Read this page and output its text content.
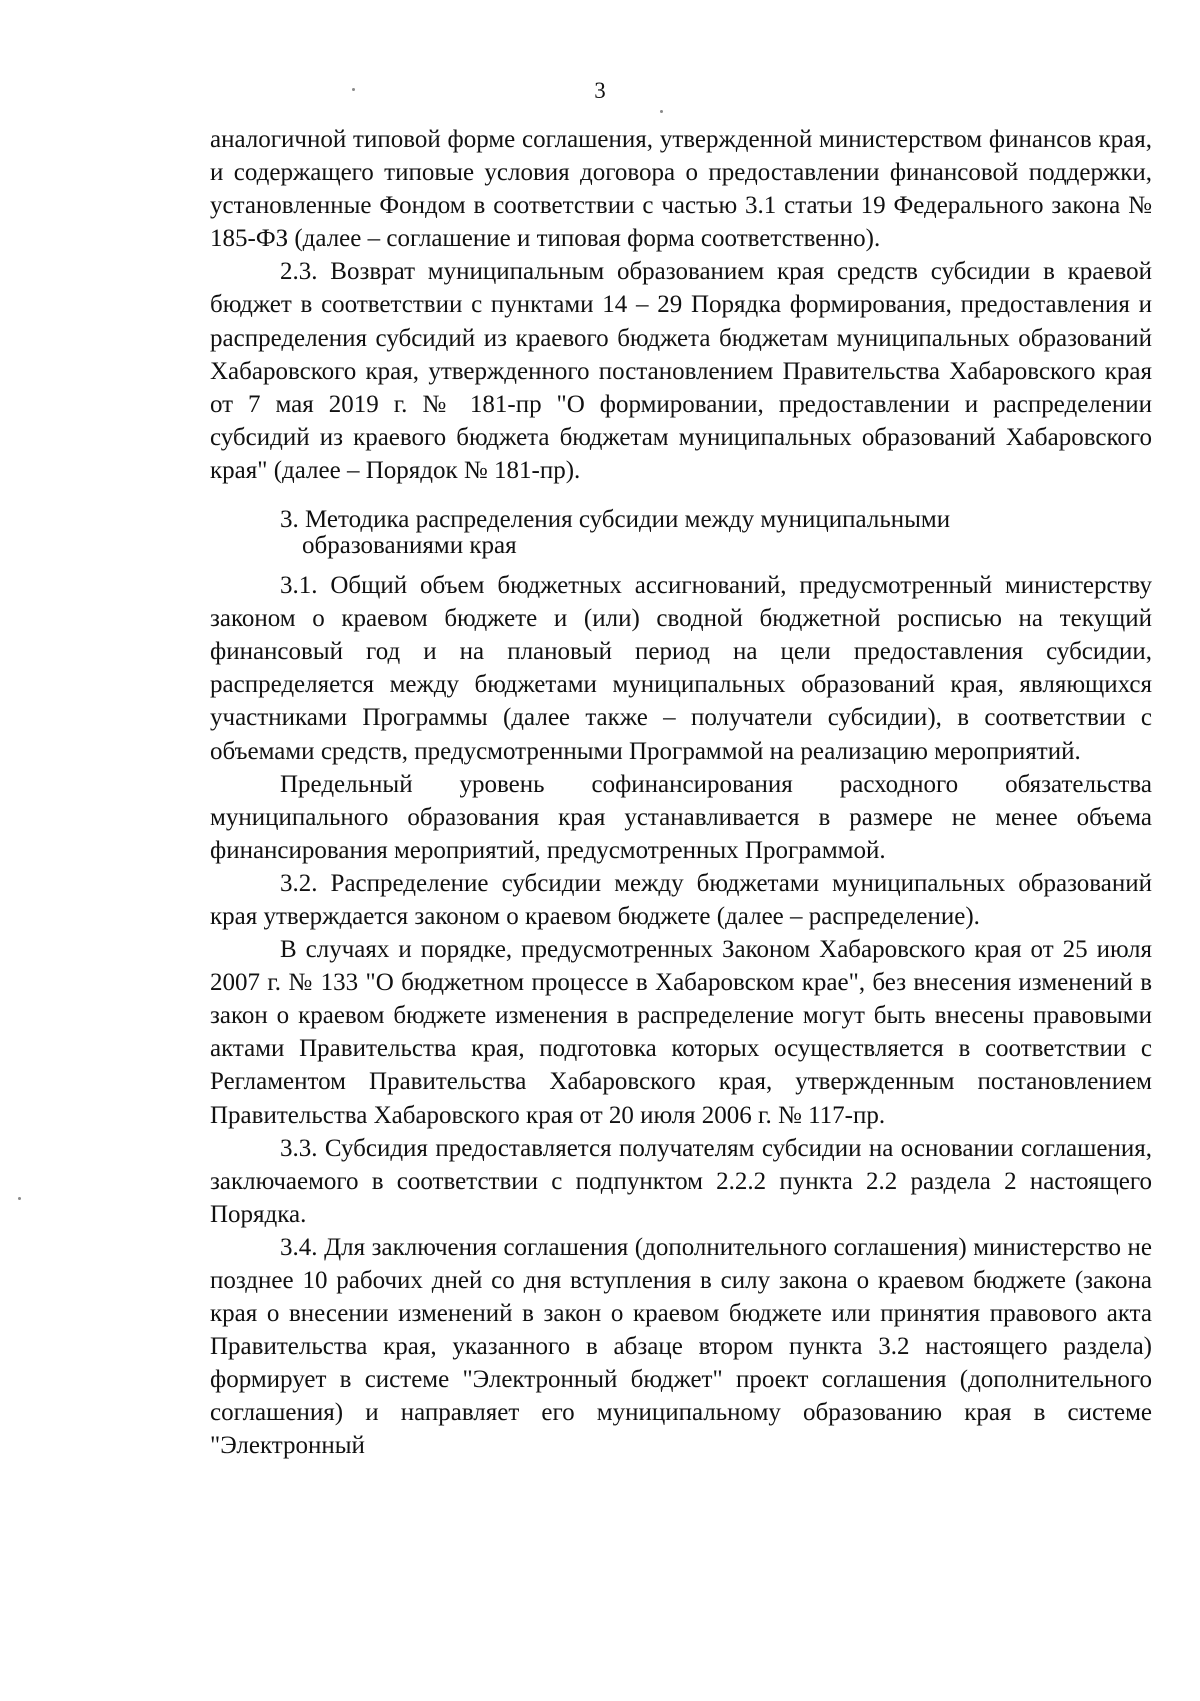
3

аналогичной типовой форме соглашения, утвержденной министерством финансов края, и содержащего типовые условия договора о предоставлении финансовой поддержки, установленные Фондом в соответствии с частью 3.1 статьи 19 Федерального закона № 185-ФЗ (далее – соглашение и типовая форма соответственно).

2.3. Возврат муниципальным образованием края средств субсидии в краевой бюджет в соответствии с пунктами 14 – 29 Порядка формирования, предоставления и распределения субсидий из краевого бюджета бюджетам муниципальных образований Хабаровского края, утвержденного постановлением Правительства Хабаровского края от 7 мая 2019 г. № 181-пр "О формировании, предоставлении и распределении субсидий из краевого бюджета бюджетам муниципальных образований Хабаровского края" (далее – Порядок № 181-пр).

3. Методика распределения субсидии между муниципальными
образованиями края

3.1. Общий объем бюджетных ассигнований, предусмотренный министерству законом о краевом бюджете и (или) сводной бюджетной росписью на текущий финансовый год и на плановый период на цели предоставления субсидии, распределяется между бюджетами муниципальных образований края, являющихся участниками Программы (далее также – получатели субсидии), в соответствии с объемами средств, предусмотренными Программой на реализацию мероприятий.

Предельный уровень софинансирования расходного обязательства муниципального образования края устанавливается в размере не менее объема финансирования мероприятий, предусмотренных Программой.

3.2. Распределение субсидии между бюджетами муниципальных образований края утверждается законом о краевом бюджете (далее – распределение).

В случаях и порядке, предусмотренных Законом Хабаровского края от 25 июля 2007 г. № 133 "О бюджетном процессе в Хабаровском крае", без внесения изменений в закон о краевом бюджете изменения в распределение могут быть внесены правовыми актами Правительства края, подготовка которых осуществляется в соответствии с Регламентом Правительства Хабаровского края, утвержденным постановлением Правительства Хабаровского края от 20 июля 2006 г. № 117-пр.

3.3. Субсидия предоставляется получателям субсидии на основании соглашения, заключаемого в соответствии с подпунктом 2.2.2 пункта 2.2 раздела 2 настоящего Порядка.

3.4. Для заключения соглашения (дополнительного соглашения) министерство не позднее 10 рабочих дней со дня вступления в силу закона о краевом бюджете (закона края о внесении изменений в закон о краевом бюджете или принятия правового акта Правительства края, указанного в абзаце втором пункта 3.2 настоящего раздела) формирует в системе "Электронный бюджет" проект соглашения (дополнительного соглашения) и направляет его муниципальному образованию края в системе "Электронный
